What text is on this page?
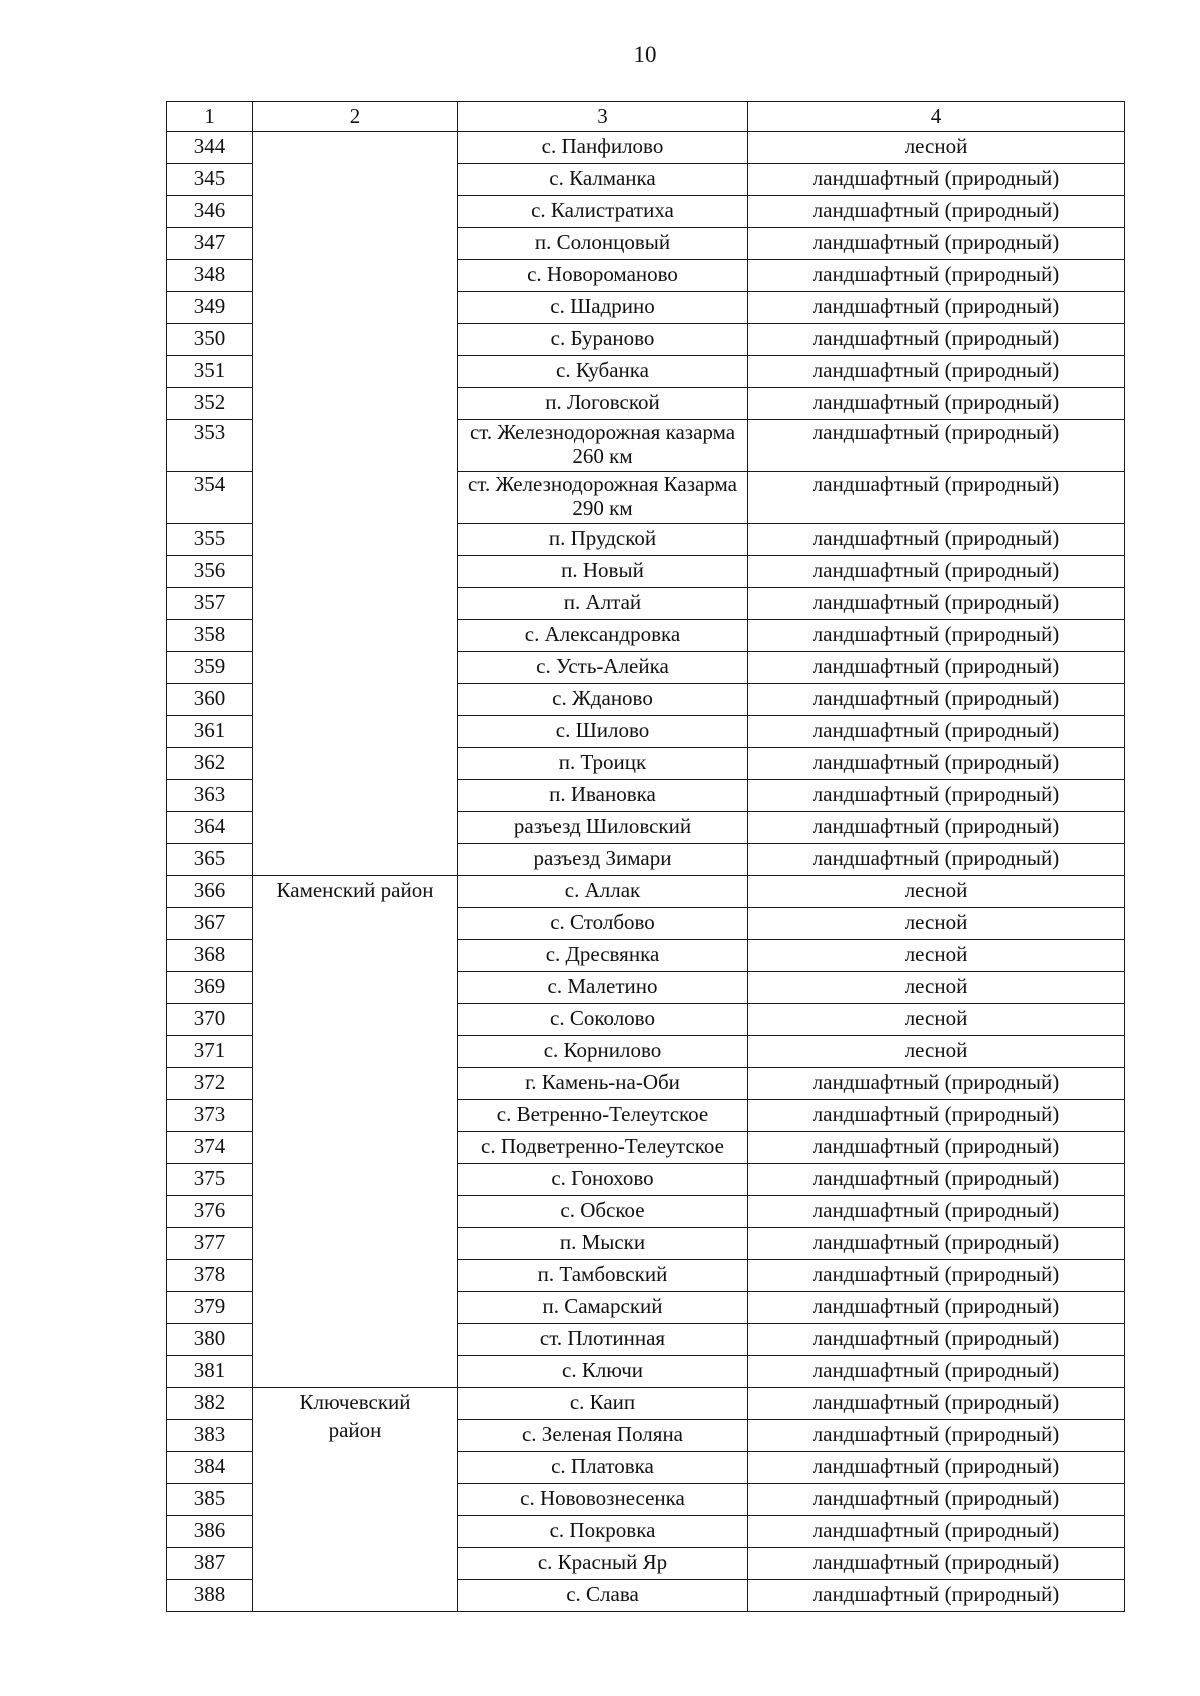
10
1	2	3	4
344		с. Панфилово	лесной
345		с. Калманка	ландшафтный (природный)
346		с. Калистратиха	ландшафтный (природный)
347		п. Солонцовый	ландшафтный (природный)
348		с. Новороманово	ландшафтный (природный)
349		с. Шадрино	ландшафтный (природный)
350		с. Бураново	ландшафтный (природный)
351		с. Кубанка	ландшафтный (природный)
352		п. Логовской	ландшафтный (природный)
353		ст. Железнодорожная казарма 260 км	ландшафтный (природный)
354		ст. Железнодорожная Казарма 290 км	ландшафтный (природный)
355		п. Прудской	ландшафтный (природный)
356		п. Новый	ландшафтный (природный)
357		п. Алтай	ландшафтный (природный)
358		с. Александровка	ландшафтный (природный)
359		с. Усть-Алейка	ландшафтный (природный)
360		с. Жданово	ландшафтный (природный)
361		с. Шилово	ландшафтный (природный)
362		п. Троицк	ландшафтный (природный)
363		п. Ивановка	ландшафтный (природный)
364		разъезд Шиловский	ландшафтный (природный)
365		разъезд Зимари	ландшафтный (природный)
366	Каменский район	с. Аллак	лесной
367		с. Столбово	лесной
368		с. Дресвянка	лесной
369		с. Малетино	лесной
370		с. Соколово	лесной
371		с. Корнилово	лесной
372		г. Камень-на-Оби	ландшафтный (природный)
373		с. Ветренно-Телеутское	ландшафтный (природный)
374		с. Подветренно-Телеутское	ландшафтный (природный)
375		с. Гонохово	ландшафтный (природный)
376		с. Обское	ландшафтный (природный)
377		п. Мыски	ландшафтный (природный)
378		п. Тамбовский	ландшафтный (природный)
379		п. Самарский	ландшафтный (природный)
380		ст. Плотинная	ландшафтный (природный)
381		с. Ключи	ландшафтный (природный)
382	Ключевский район	с. Каип	ландшафтный (природный)
383		с. Зеленая Поляна	ландшафтный (природный)
384		с. Платовка	ландшафтный (природный)
385		с. Нововознесенка	ландшафтный (природный)
386		с. Покровка	ландшафтный (природный)
387		с. Красный Яр	ландшафтный (природный)
388		с. Слава	ландшафтный (природный)
